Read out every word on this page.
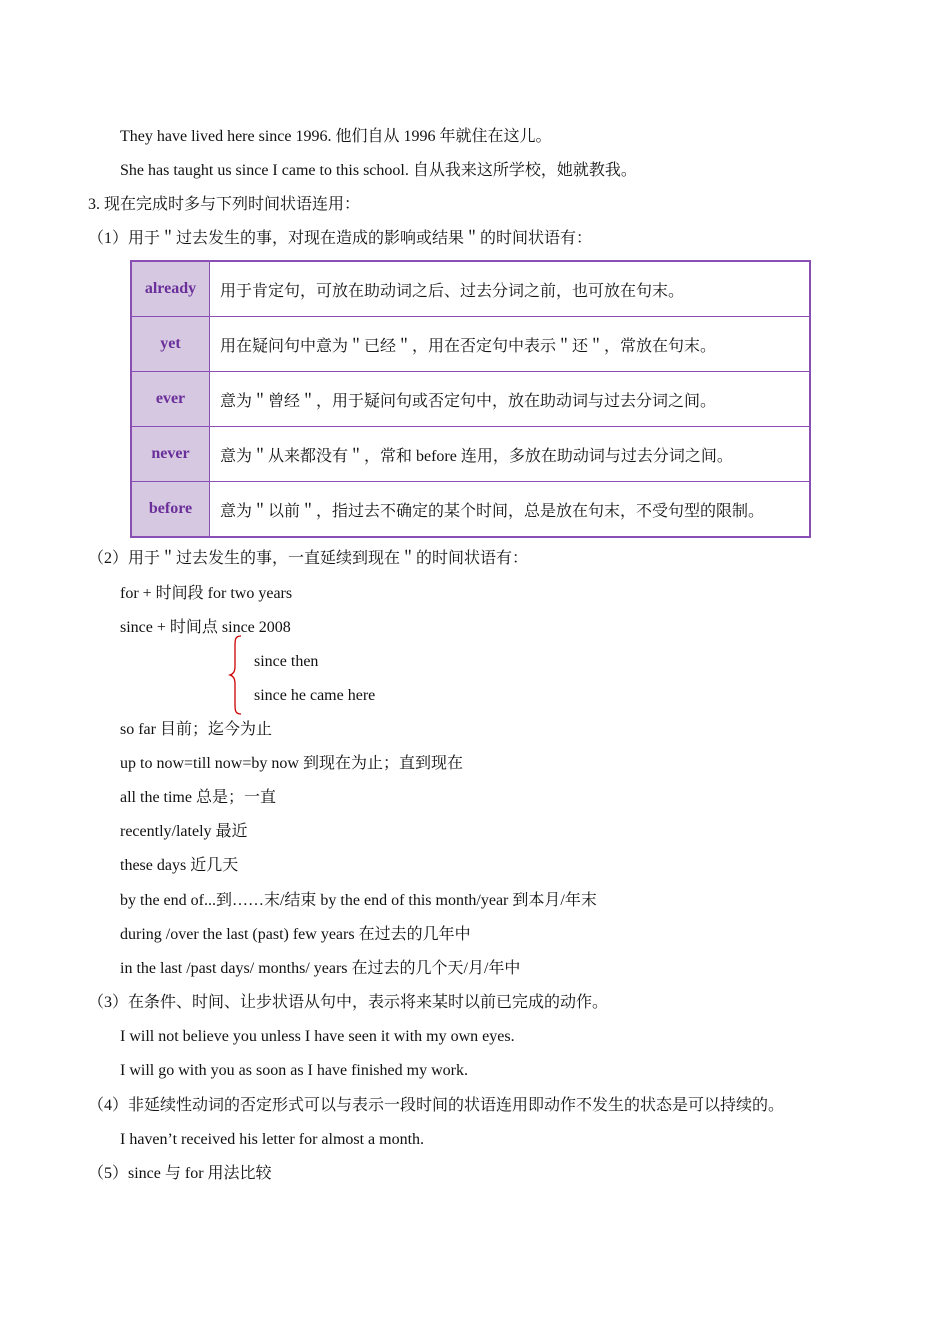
They have lived here since 1996. 他们自从 1996 年就住在这儿。
She has taught us since I came to this school. 自从我来这所学校，她就教我。
3. 现在完成时多与下列时间状语连用：
（1）用于＂过去发生的事，对现在造成的影响或结果＂的时间状语有：
already	用于肯定句，可放在助动词之后、过去分词之前，也可放在句末。
yet	用在疑问句中意为＂已经＂，用在否定句中表示＂还＂，常放在句末。
ever	意为＂曾经＂，用于疑问句或否定句中，放在助动词与过去分词之间。
never	意为＂从来都没有＂，常和 before 连用，多放在助动词与过去分词之间。
before	意为＂以前＂，指过去不确定的某个时间，总是放在句末，不受句型的限制。
（2）用于＂过去发生的事，一直延续到现在＂的时间状语有：
for + 时间段 for two years
since + 时间点 since 2008
since then
since he came here
so far 目前；迄今为止
up to now=till now=by now 到现在为止；直到现在
all the time 总是；一直
recently/lately 最近
these days 近几天
by the end of...到……末/结束 by the end of this month/year 到本月/年末
during /over the last (past) few years 在过去的几年中
in the last /past days/ months/ years 在过去的几个天/月/年中
（3）在条件、时间、让步状语从句中，表示将来某时以前已完成的动作。
I will not believe you unless I have seen it with my own eyes.
I will go with you as soon as I have finished my work.
（4）非延续性动词的否定形式可以与表示一段时间的状语连用即动作不发生的状态是可以持续的。
I haven’t received his letter for almost a month.
（5）since 与 for 用法比较
